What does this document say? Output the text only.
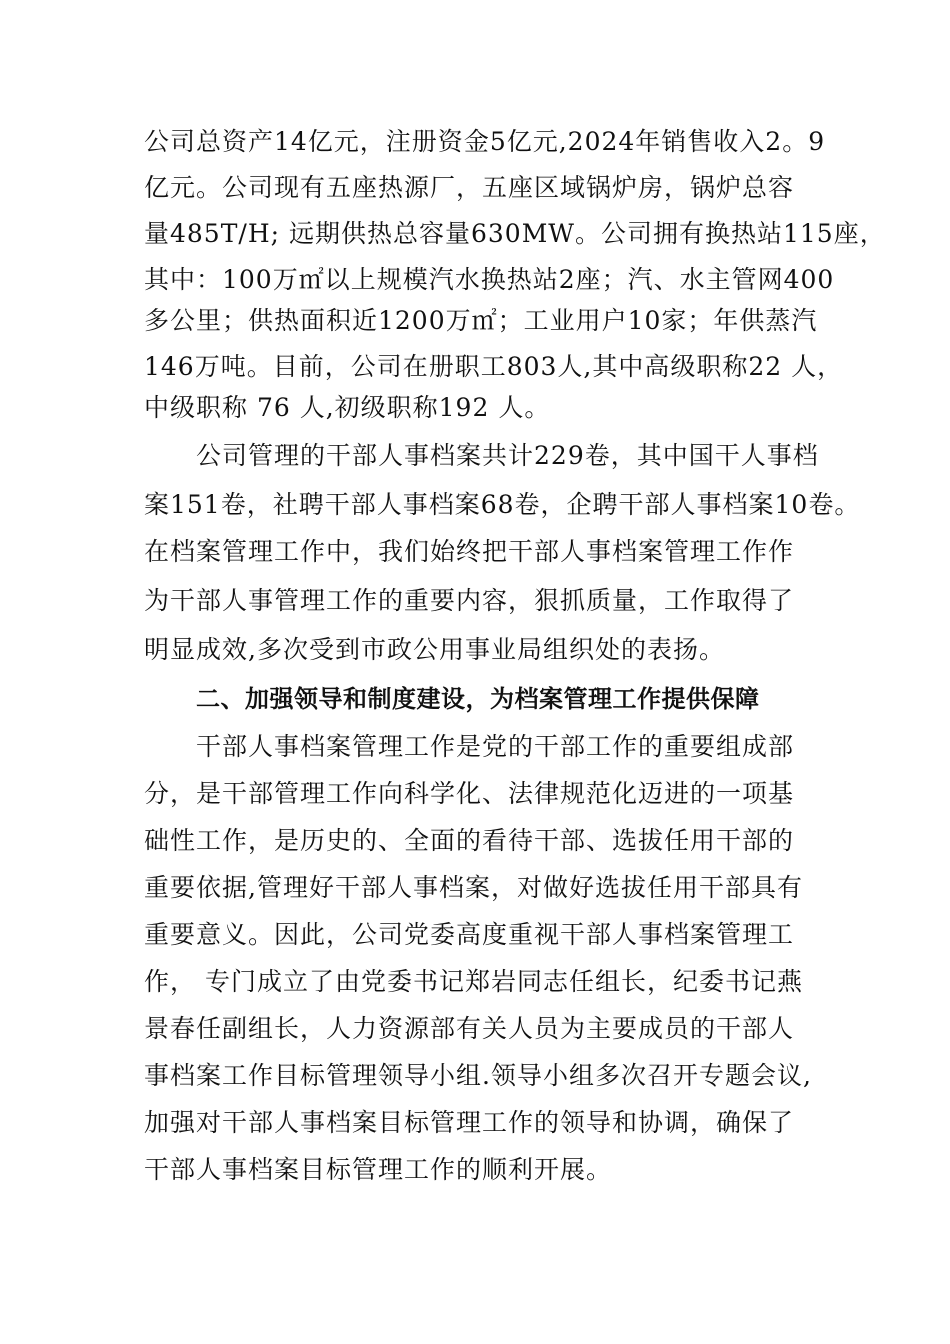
公司总资产14亿元，注册资金5亿元,2024年销售收入2。9

亿元。公司现有五座热源厂，五座区域锅炉房，锅炉总容

量485T/H; 远期供热总容量630MW。公司拥有换热站115座，

其中：100万㎡以上规模汽水换热站2座；汽、水主管网400

多公里；供热面积近1200万㎡；工业用户10家；年供蒸汽

146万吨。目前，公司在册职工803人,其中高级职称22 人，

中级职称 76 人,初级职称192 人。

公司管理的干部人事档案共计229卷，其中国干人事档

案151卷，社聘干部人事档案68卷，企聘干部人事档案10卷。

在档案管理工作中，我们始终把干部人事档案管理工作作

为干部人事管理工作的重要内容，狠抓质量，工作取得了

明显成效,多次受到市政公用事业局组织处的表扬。

二、加强领导和制度建设，为档案管理工作提供保障

干部人事档案管理工作是党的干部工作的重要组成部

分，是干部管理工作向科学化、法律规范化迈进的一项基

础性工作，是历史的、全面的看待干部、选拔任用干部的

重要依据,管理好干部人事档案，对做好选拔任用干部具有

重要意义。因此，公司党委高度重视干部人事档案管理工

作， 专门成立了由党委书记郑岩同志任组长，纪委书记燕

景春任副组长，人力资源部有关人员为主要成员的干部人

事档案工作目标管理领导小组.领导小组多次召开专题会议,

加强对干部人事档案目标管理工作的领导和协调，确保了

干部人事档案目标管理工作的顺利开展。
